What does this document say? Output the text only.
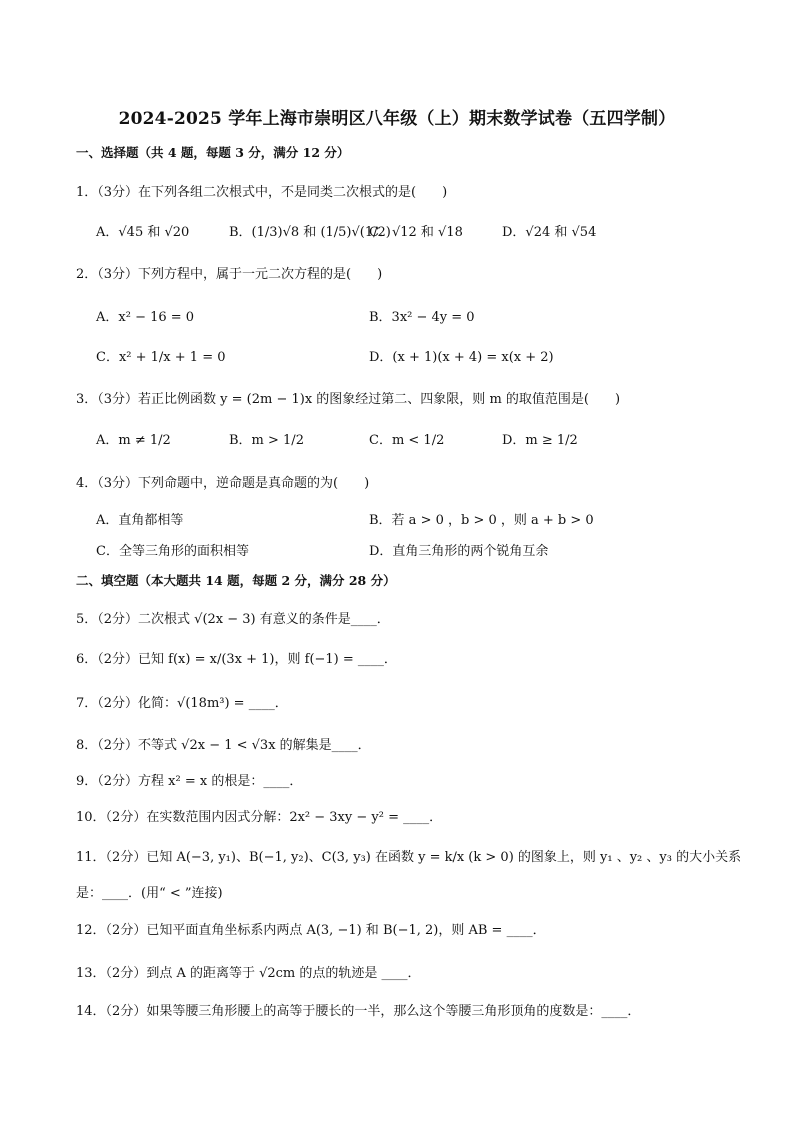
2024-2025 学年上海市崇明区八年级（上）期末数学试卷（五四学制）
一、选择题（共 4 题，每题 3 分，满分 12 分）
1．（3分）在下列各组二次根式中，不是同类二次根式的是(　　)
A．√45 和 √20	B．(1/3)√8 和 (1/5)√(1/2)
C．√12 和 √18	D．√24 和 √54
2．（3分）下列方程中，属于一元二次方程的是(　　)
A．x² − 16 = 0	B．3x² − 4y = 0
C．x² + 1/x + 1 = 0	D．(x + 1)(x + 4) = x(x + 2)
3．（3分）若正比例函数 y = (2m − 1)x 的图象经过第二、四象限，则 m 的取值范围是(　　)
A．m ≠ 1/2	B．m > 1/2	C．m < 1/2	D．m ≥ 1/2
4．（3分）下列命题中，逆命题是真命题的为(　　)
A．直角都相等	B．若 a > 0 ，b > 0 ，则 a + b > 0
C．全等三角形的面积相等	D．直角三角形的两个锐角互余
二、填空题（本大题共 14 题，每题 2 分，满分 28 分）
5．（2分）二次根式 √(2x − 3) 有意义的条件是____．
6．（2分）已知 f(x) = x/(3x + 1)，则 f(−1) = ____．
7．（2分）化简：√(18m³) = ____．
8．（2分）不等式 √2x − 1 < √3x 的解集是____．
9．（2分）方程 x² = x 的根是：____．
10．（2分）在实数范围内因式分解：2x² − 3xy − y² = ____．
11．（2分）已知 A(−3, y₁)、B(−1, y₂)、C(3, y₃) 在函数 y = k/x (k > 0) 的图象上，则 y₁ 、y₂ 、y₃ 的大小关系
是：____．(用“ < ”连接)
12．（2分）已知平面直角坐标系内两点 A(3, −1) 和 B(−1, 2)，则 AB = ____．
13．（2分）到点 A 的距离等于 √2cm 的点的轨迹是 ____．
14．（2分）如果等腰三角形腰上的高等于腰长的一半，那么这个等腰三角形顶角的度数是：____．
